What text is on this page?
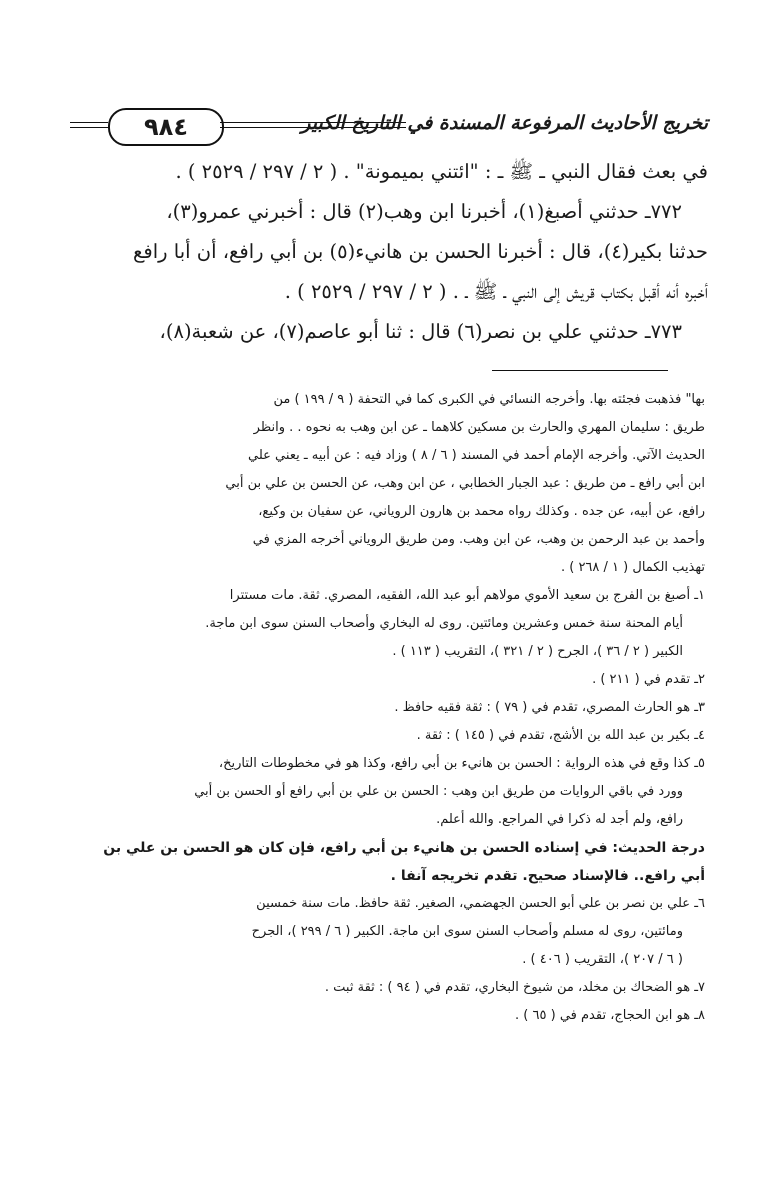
٩٨٤	تخريج الأحاديث المرفوعة المسندة في التاريخ الكبير
في بعث فقال النبي ـ ﷺ ـ : "ائتني بميمونة" . ( ٢ / ٢٩٧ / ٢٥٢٩ ) .
٧٧٢ـ حدثني أصبغ(١)، أخبرنا ابن وهب(٢) قال : أخبرني عمرو(٣)،
حدثنا بكير(٤)، قال : أخبرنا الحسن بن هانيء(٥) بن أبي رافع، أن أبا رافع
أخبره أنه أقبل بكتاب قريش إلى النبي ـ ﷺ ـ . ( ٢ / ٢٩٧ / ٢٥٢٩ ) .
٧٧٣ـ حدثني علي بن نصر(٦) قال : ثنا أبو عاصم(٧)، عن شعبة(٨)،
بها" فذهبت فجئته بها. وأخرجه النسائي في الكبرى كما في التحفة ( ٩ / ١٩٩ ) من
طريق : سليمان المهري والحارث بن مسكين كلاهما ـ عن ابن وهب به نحوه . . وانظر
الحديث الآتي. وأخرجه الإمام أحمد في المسند ( ٦ / ٨ ) وزاد فيه : عن أبيه ـ يعني علي
ابن أبي رافع ـ من طريق : عبد الجبار الخطابي ، عن ابن وهب، عن الحسن بن علي بن أبي
رافع، عن أبيه، عن جده . وكذلك رواه محمد بن هارون الروياني، عن سفيان بن وكيع،
وأحمد بن عبد الرحمن بن وهب، عن ابن وهب. ومن طريق الروياني أخرجه المزي في
تهذيب الكمال ( ١ / ٢٦٨ ) .
١ـ أصبغ بن الفرج بن سعيد الأموي مولاهم أبو عبد الله، الفقيه، المصري. ثقة. مات مستترا
أيام المحنة سنة خمس وعشرين ومائتين. روى له البخاري وأصحاب السنن سوى ابن ماجة.
الكبير ( ٢ / ٣٦ )، الجرح ( ٢ / ٣٢١ )، التقريب ( ١١٣ ) .
٢ـ تقدم في ( ٢١١ ) .
٣ـ هو الحارث المصري، تقدم في ( ٧٩ ) : ثقة فقيه حافظ .
٤ـ بكير بن عبد الله بن الأشج، تقدم في ( ١٤٥ ) : ثقة .
٥ـ كذا وقع في هذه الرواية : الحسن بن هانيء بن أبي رافع، وكذا هو في مخطوطات التاريخ،
وورد في باقي الروايات من طريق ابن وهب : الحسن بن علي بن أبي رافع أو الحسن بن أبي
رافع، ولم أجد له ذكرا في المراجع. والله أعلم.
درجة الحديث: في إسناده الحسن بن هانيء بن أبي رافع، فإن كان هو الحسن بن علي بن
أبي رافع.. فالإسناد صحيح. تقدم تخريجه آنفا .
٦ـ علي بن نصر بن علي أبو الحسن الجهضمي، الصغير. ثقة حافظ. مات سنة خمسين
ومائتين، روى له مسلم وأصحاب السنن سوى ابن ماجة. الكبير ( ٦ / ٢٩٩ )، الجرح
( ٦ / ٢٠٧ )، التقريب ( ٤٠٦ ) .
٧ـ هو الضحاك بن مخلد، من شيوخ البخاري، تقدم في ( ٩٤ ) : ثقة ثبت .
٨ـ هو ابن الحجاج، تقدم في ( ٦٥ ) .
